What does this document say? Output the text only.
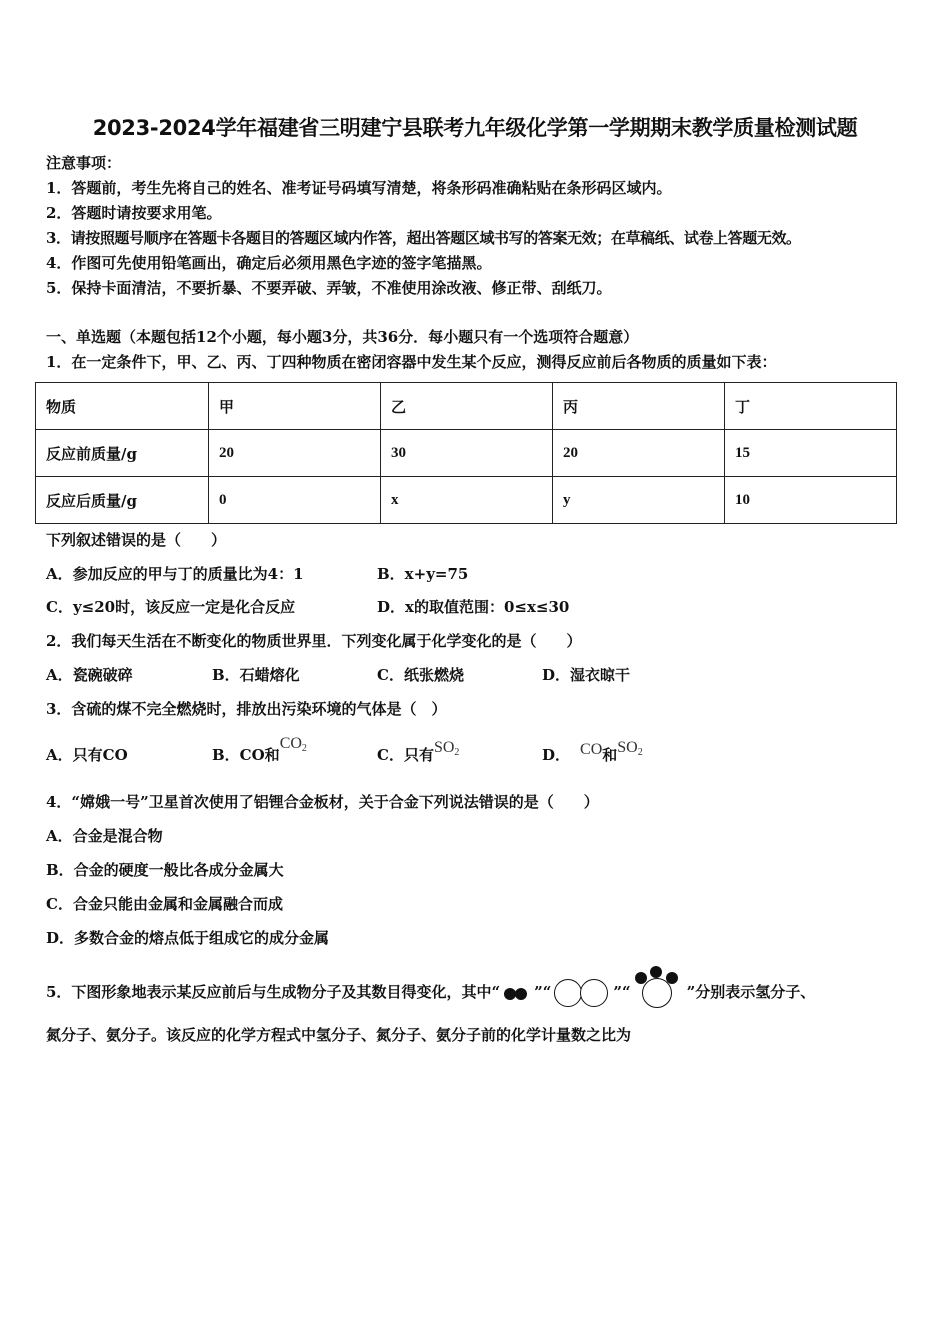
2023-2024学年福建省三明建宁县联考九年级化学第一学期期末教学质量检测试题
注意事项：
1．答题前，考生先将自己的姓名、准考证号码填写清楚，将条形码准确粘贴在条形码区域内。
2．答题时请按要求用笔。
3．请按照题号顺序在答题卡各题目的答题区域内作答，超出答题区域书写的答案无效；在草稿纸、试卷上答题无效。
4．作图可先使用铅笔画出，确定后必须用黑色字迹的签字笔描黑。
5．保持卡面清洁，不要折暴、不要弄破、弄皱，不准使用涂改液、修正带、刮纸刀。
一、单选题（本题包括12个小题，每小题3分，共36分．每小题只有一个选项符合题意）
1．在一定条件下，甲、乙、丙、丁四种物质在密闭容器中发生某个反应，测得反应前后各物质的质量如下表：
物质	甲	乙	丙	丁
反应前质量/g	20	30	20	15
反应后质量/g	0	x	y	10
下列叙述错误的是（　　）
A．参加反应的甲与丁的质量比为4：1	B．x+y=75
C．y≤20时，该反应一定是化合反应	D．x的取值范围：0≤x≤30
2．我们每天生活在不断变化的物质世界里．下列变化属于化学变化的是（　　）
A．瓷碗破碎	B．石蜡熔化	C．纸张燃烧	D．湿衣晾干
3．含硫的煤不完全燃烧时，排放出污染环境的气体是（　）
A．只有CO	B．CO和$CO_2$	C．只有$SO_2$	D． CO和$SO_2$
4．“嫦娥一号”卫星首次使用了铝锂合金板材，关于合金下列说法错误的是（　　）
A．合金是混合物
B．合金的硬度一般比各成分金属大
C．合金只能由金属和金属融合而成
D．多数合金的熔点低于组成它的成分金属
5．下图形象地表示某反应前后与生成物分子及其数目得变化，其中“ ”“	”“	”分别表示氢分子、
氮分子、氨分子。该反应的化学方程式中氢分子、氮分子、氨分子前的化学计量数之比为
